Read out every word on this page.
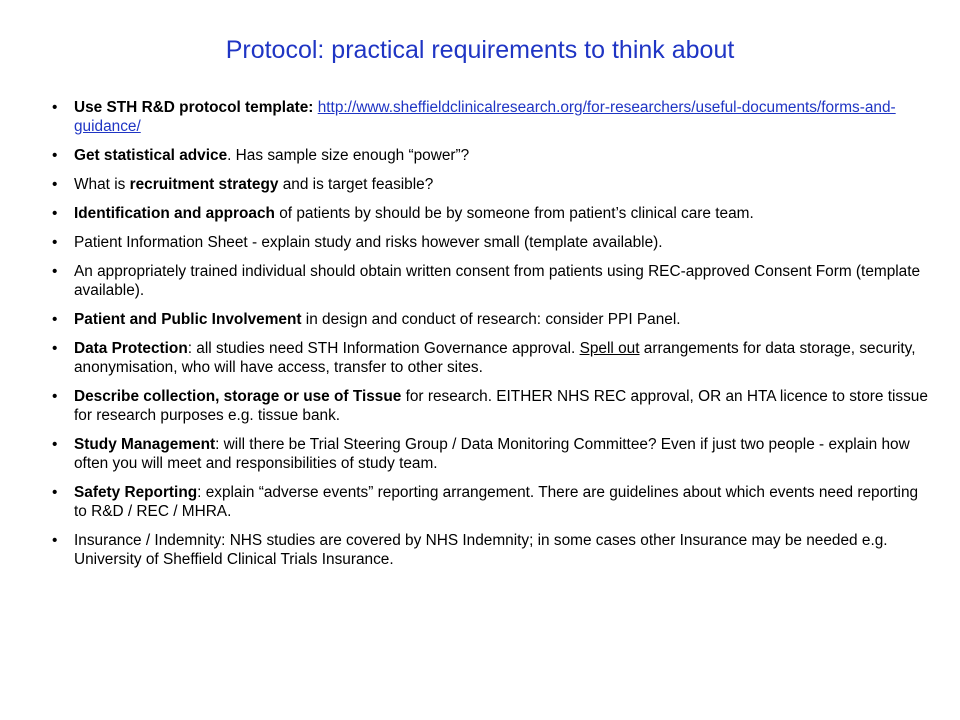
Protocol: practical requirements to think about
•	Use STH R&D protocol template: http://www.sheffieldclinicalresearch.org/for-researchers/useful-documents/forms-and-guidance/
•	Get statistical advice. Has sample size enough “power”?
•	What is recruitment strategy and is target feasible?
•	Identification and approach of patients by should be by someone from patient’s clinical care team.
•	Patient Information Sheet - explain study and risks however small (template available).
•	An appropriately trained individual should obtain written consent from patients using REC-approved Consent Form (template available).
•	Patient and Public Involvement in design and conduct of research: consider PPI Panel.
•	Data Protection: all studies need STH Information Governance approval. Spell out arrangements for data storage, security, anonymisation, who will have access, transfer to other sites.
•	Describe collection, storage or use of Tissue for research. EITHER NHS REC approval, OR an HTA licence to store tissue for research purposes e.g. tissue bank.
•	Study Management: will there be Trial Steering Group / Data Monitoring Committee? Even if just two people - explain how often you will meet and responsibilities of study team.
•	Safety Reporting: explain “adverse events” reporting arrangement. There are guidelines about which events need reporting to R&D / REC / MHRA.
•	Insurance / Indemnity: NHS studies are covered by NHS Indemnity; in some cases other Insurance may be needed e.g. University of Sheffield Clinical Trials Insurance.
